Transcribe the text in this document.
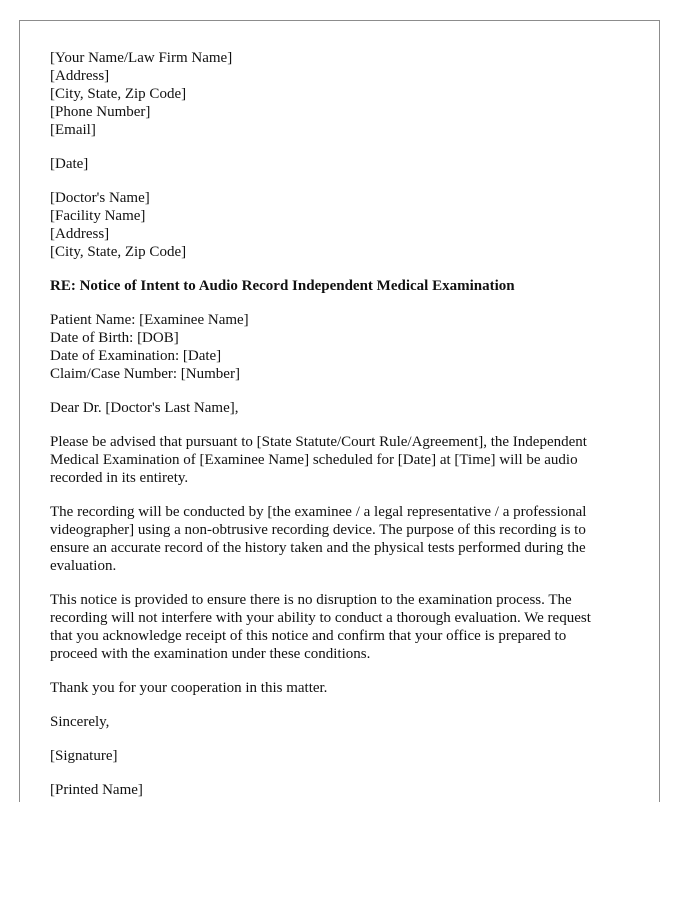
[Your Name/Law Firm Name]
[Address]
[City, State, Zip Code]
[Phone Number]
[Email]
[Date]
[Doctor's Name]
[Facility Name]
[Address]
[City, State, Zip Code]
RE: Notice of Intent to Audio Record Independent Medical Examination
Patient Name: [Examinee Name]
Date of Birth: [DOB]
Date of Examination: [Date]
Claim/Case Number: [Number]
Dear Dr. [Doctor's Last Name],
Please be advised that pursuant to [State Statute/Court Rule/Agreement], the Independent
Medical Examination of [Examinee Name] scheduled for [Date] at [Time] will be audio
recorded in its entirety.
The recording will be conducted by [the examinee / a legal representative / a professional
videographer] using a non-obtrusive recording device. The purpose of this recording is to
ensure an accurate record of the history taken and the physical tests performed during the
evaluation.
This notice is provided to ensure there is no disruption to the examination process. The
recording will not interfere with your ability to conduct a thorough evaluation. We request
that you acknowledge receipt of this notice and confirm that your office is prepared to
proceed with the examination under these conditions.
Thank you for your cooperation in this matter.
Sincerely,
[Signature]
[Printed Name]
